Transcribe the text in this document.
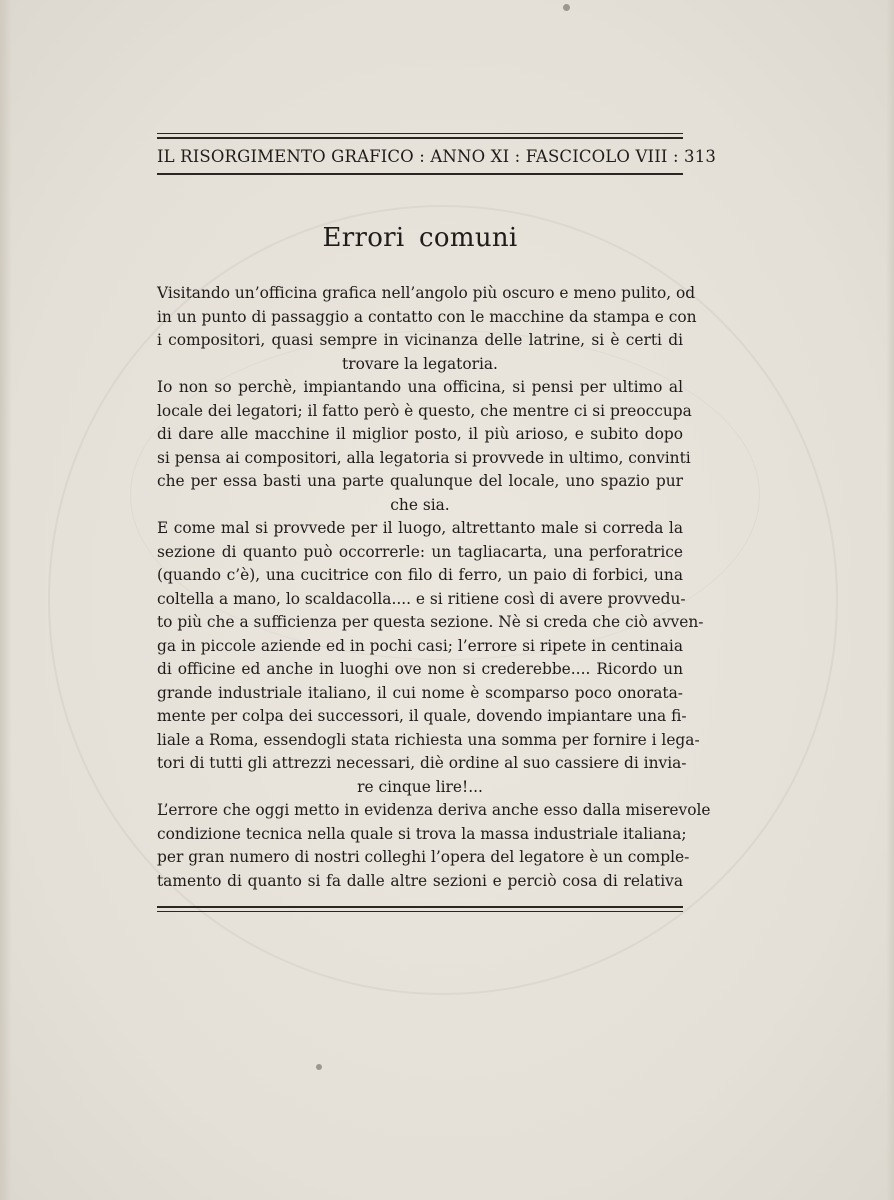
IL RISORGIMENTO GRAFICO : ANNO XI : FASCICOLO VIII : 313
Errori comuni
Visitando un’officina grafica nell’angolo più oscuro e meno pulito, od
in un punto di passaggio a contatto con le macchine da stampa e con
i compositori, quasi sempre in vicinanza delle latrine, si è certi di
trovare la legatoria.
Io non so perchè, impiantando una officina, si pensi per ultimo al
locale dei legatori; il fatto però è questo, che mentre ci si preoccupa
di dare alle macchine il miglior posto, il più arioso, e subito dopo
si pensa ai compositori, alla legatoria si provvede in ultimo, convinti
che per essa basti una parte qualunque del locale, uno spazio pur
che sia.
E come mal si provvede per il luogo, altrettanto male si correda la
sezione di quanto può occorrerle: un tagliacarta, una perforatrice
(quando c’è), una cucitrice con filo di ferro, un paio di forbici, una
coltella a mano, lo scaldacolla.... e si ritiene così di avere provvedu-
to più che a sufficienza per questa sezione. Nè si creda che ciò avven-
ga in piccole aziende ed in pochi casi; l’errore si ripete in centinaia
di officine ed anche in luoghi ove non si crederebbe.... Ricordo un
grande industriale italiano, il cui nome è scomparso poco onorata-
mente per colpa dei successori, il quale, dovendo impiantare una fi-
liale a Roma, essendogli stata richiesta una somma per fornire i lega-
tori di tutti gli attrezzi necessari, diè ordine al suo cassiere di invia-
re cinque lire!...
L’errore che oggi metto in evidenza deriva anche esso dalla miserevole
condizione tecnica nella quale si trova la massa industriale italiana;
per gran numero di nostri colleghi l’opera del legatore è un comple-
tamento di quanto si fa dalle altre sezioni e perciò cosa di relativa
